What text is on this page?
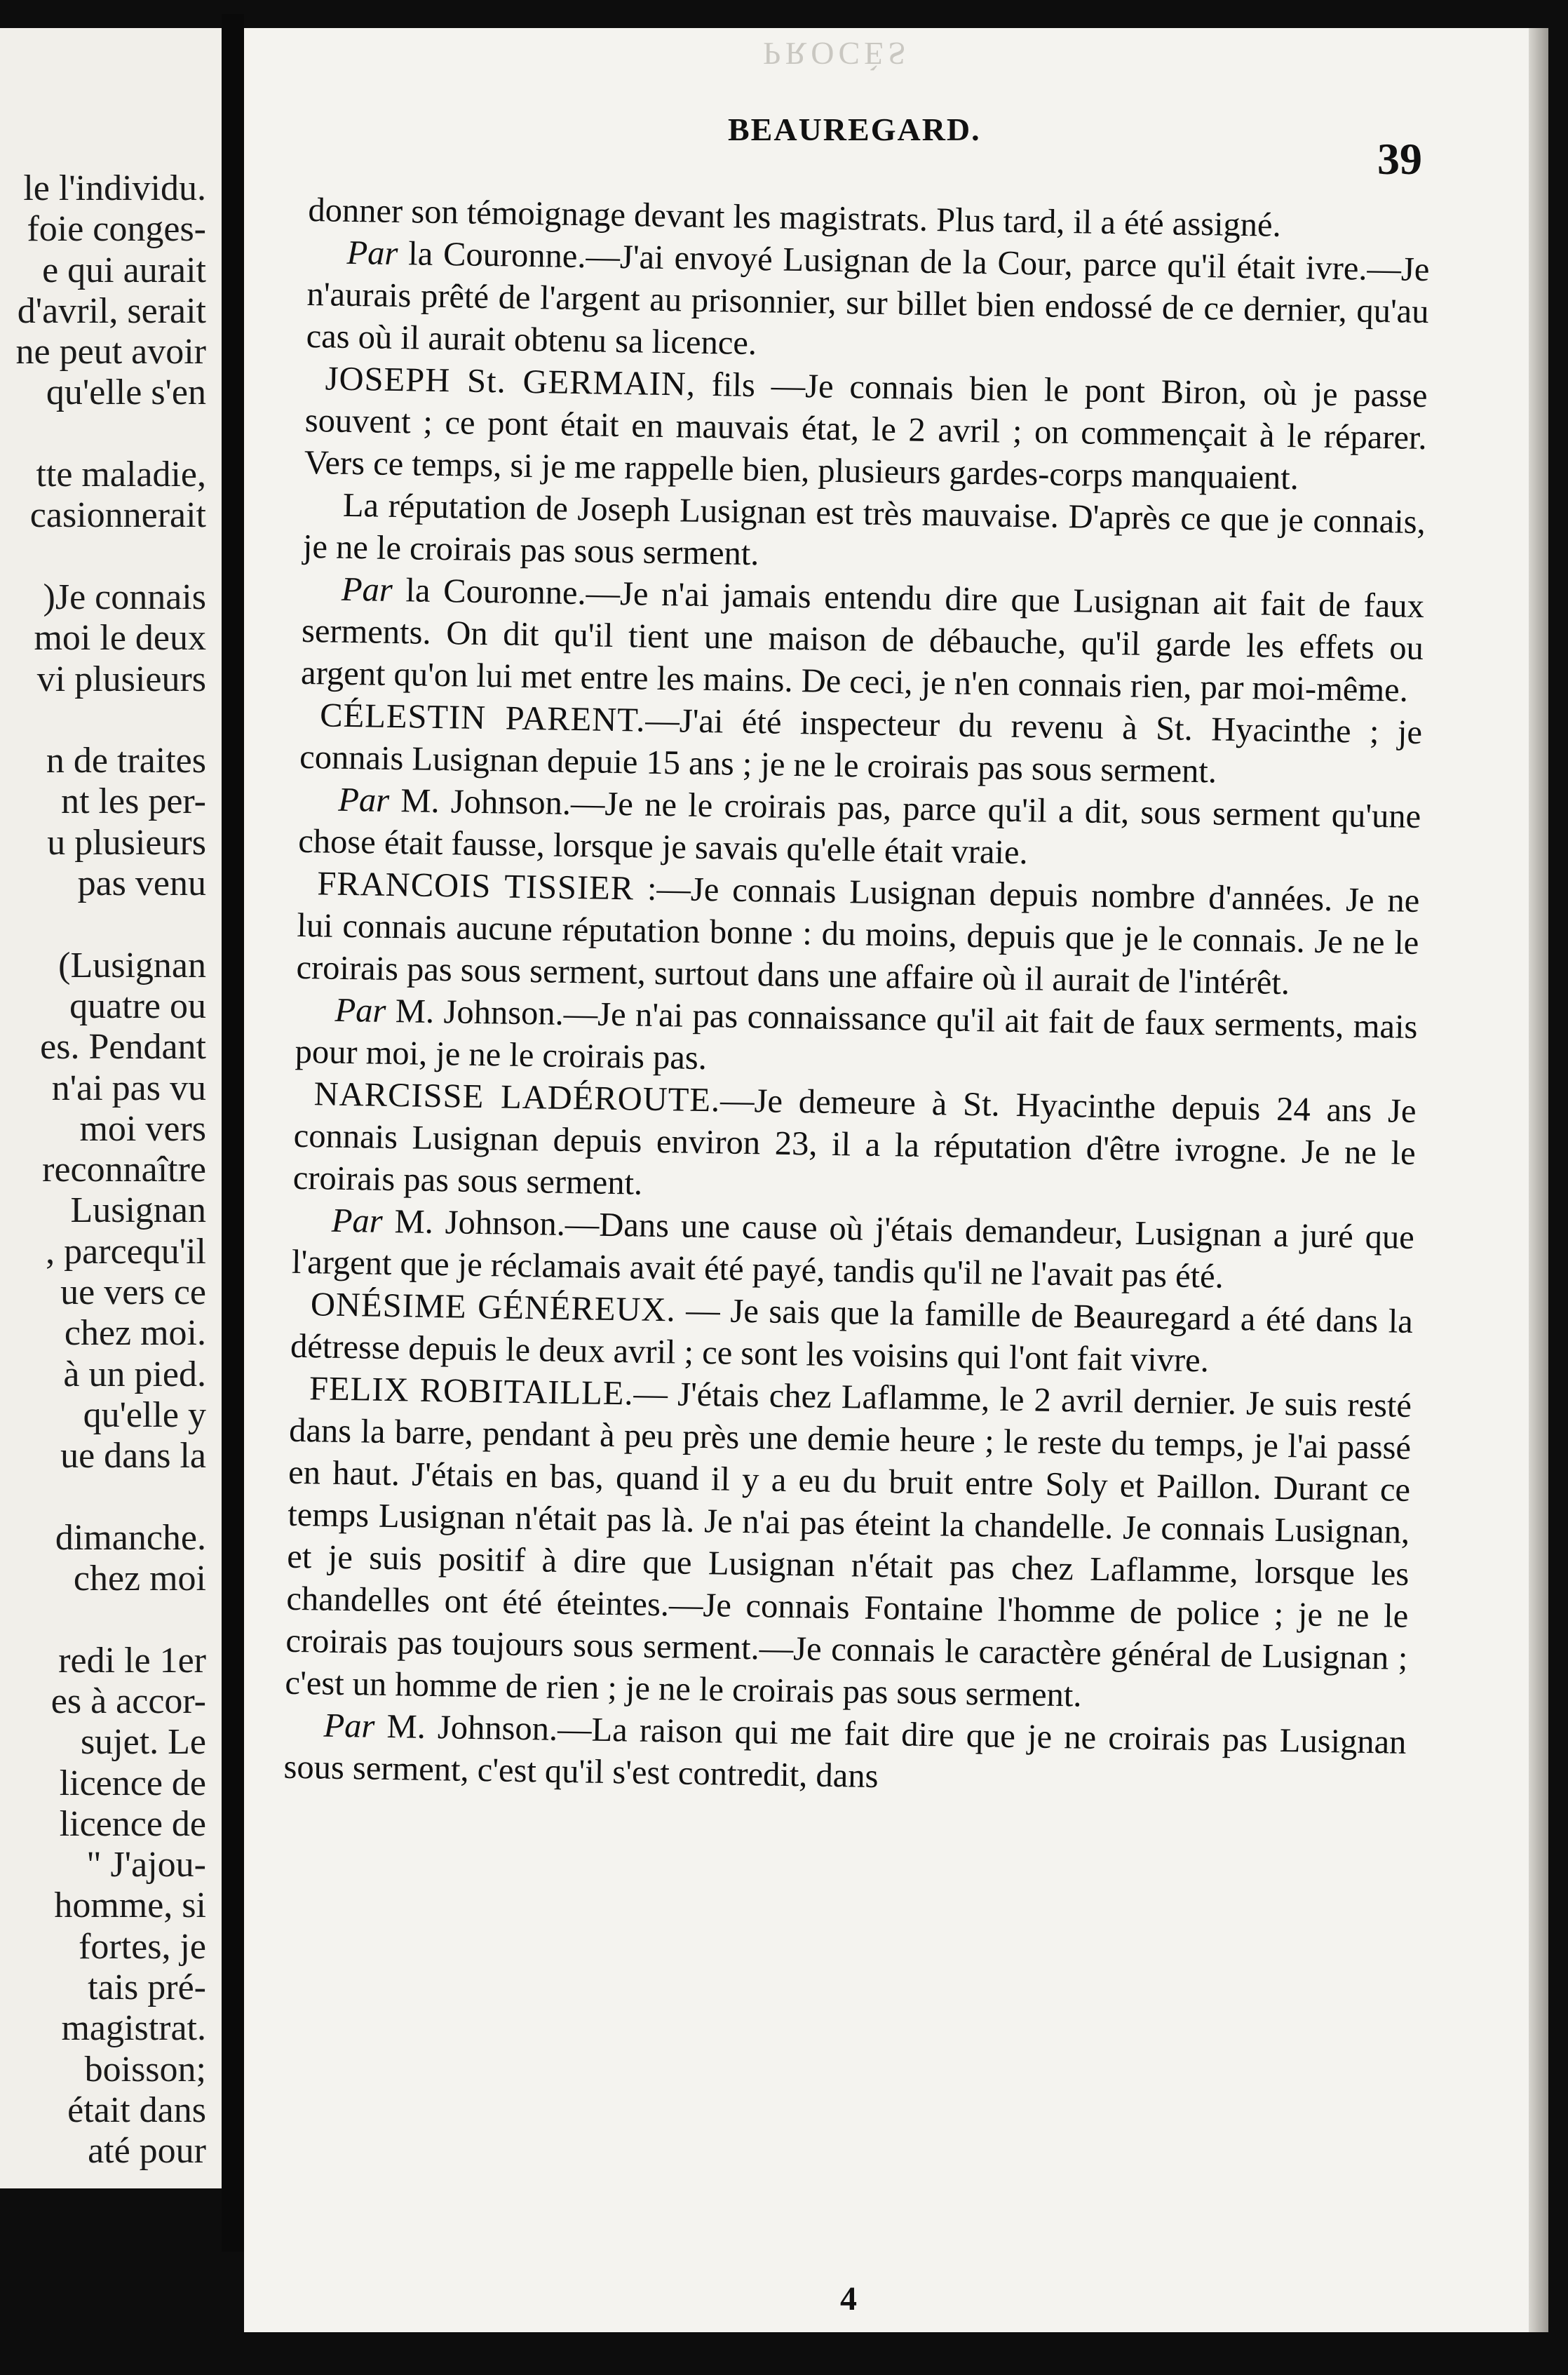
le l'individu.
foie conges-
e qui aurait
d'avril, serait
ne peut avoir
qu'elle s'en
tte maladie,
casionnerait
)Je connais
moi le deux
vi plusieurs
n de traites
nt les per-
u plusieurs
pas venu
(Lusignan
quatre ou
es. Pendant
n'ai pas vu
moi vers
reconnaître
Lusignan
, parcequ'il
ue vers ce
chez moi.
à un pied.
qu'elle y
ue dans la
dimanche.
chez moi
redi le 1er
es à accor-
sujet. Le
licence de
licence de
" J'ajou-
homme, si
fortes, je
tais pré-
magistrat.
boisson;
était dans
até pour
PROCÈS
BEAUREGARD.
39

donner son témoignage devant les magistrats. Plus tard, il a été assigné.

Par la Couronne.—J'ai envoyé Lusignan de la Cour, parce qu'il était ivre.—Je n'aurais prêté de l'argent au prisonnier, sur billet bien endossé de ce dernier, qu'au cas où il aurait obtenu sa licence.

JOSEPH St. GERMAIN, fils —Je connais bien le pont Biron, où je passe souvent ; ce pont était en mauvais état, le 2 avril ; on commençait à le réparer. Vers ce temps, si je me rappelle bien, plusieurs gardes-corps manquaient.

La réputation de Joseph Lusignan est très mauvaise. D'après ce que je connais, je ne le croirais pas sous serment.

Par la Couronne.—Je n'ai jamais entendu dire que Lusignan ait fait de faux serments. On dit qu'il tient une maison de débauche, qu'il garde les effets ou argent qu'on lui met entre les mains. De ceci, je n'en connais rien, par moi-même.

CÉLESTIN PARENT.—J'ai été inspecteur du revenu à St. Hyacinthe ; je connais Lusignan depuie 15 ans ; je ne le croirais pas sous serment.

Par M. Johnson.—Je ne le croirais pas, parce qu'il a dit, sous serment qu'une chose était fausse, lorsque je savais qu'elle était vraie.

FRANCOIS TISSIER :—Je connais Lusignan depuis nombre d'années. Je ne lui connais aucune réputation bonne : du moins, depuis que je le connais. Je ne le croirais pas sous serment, surtout dans une affaire où il aurait de l'intérêt.

Par M. Johnson.—Je n'ai pas connaissance qu'il ait fait de faux serments, mais pour moi, je ne le croirais pas.

NARCISSE LADÉROUTE.—Je demeure à St. Hyacinthe depuis 24 ans Je connais Lusignan depuis environ 23, il a la réputation d'être ivrogne. Je ne le croirais pas sous serment.

Par M. Johnson.—Dans une cause où j'étais demandeur, Lusignan a juré que l'argent que je réclamais avait été payé, tandis qu'il ne l'avait pas été.

ONÉSIME GÉNÉREUX. — Je sais que la famille de Beauregard a été dans la détresse depuis le deux avril ; ce sont les voisins qui l'ont fait vivre.

FELIX ROBITAILLE.— J'étais chez Laflamme, le 2 avril dernier. Je suis resté dans la barre, pendant à peu près une demie heure ; le reste du temps, je l'ai passé en haut. J'étais en bas, quand il y a eu du bruit entre Soly et Paillon. Durant ce temps Lusignan n'était pas là. Je n'ai pas éteint la chandelle. Je connais Lusignan, et je suis positif à dire que Lusignan n'était pas chez Laflamme, lorsque les chandelles ont été éteintes.—Je connais Fontaine l'homme de police ; je ne le croirais pas toujours sous serment.—Je connais le caractère général de Lusignan ; c'est un homme de rien ; je ne le croirais pas sous serment.

Par M. Johnson.—La raison qui me fait dire que je ne croirais pas Lusignan sous serment, c'est qu'il s'est contredit, dans

4
